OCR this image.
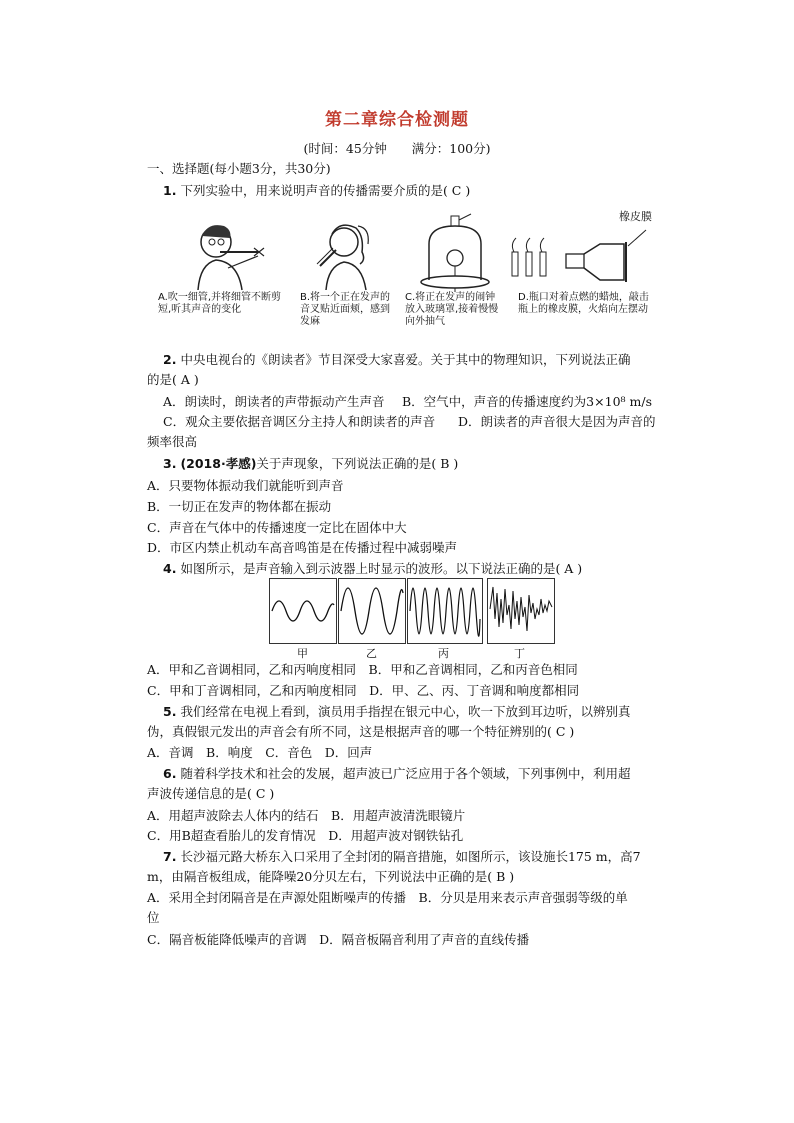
第二章综合检测题
(时间：45分钟　　满分：100分)
一、选择题(每小题3分，共30分)
1. 下列实验中，用来说明声音的传播需要介质的是( C )
A.吹一细管,并将细管不断剪短,听其声音的变化
B.将一个正在发声的音叉贴近面颊，感到发麻
C.将正在发声的闹钟放入玻璃罩,接着慢慢向外抽气
橡皮膜
D.瓶口对着点燃的蜡烛，敲击瓶上的橡皮膜，火焰向左摆动
2. 中央电视台的《朗读者》节目深受大家喜爱。关于其中的物理知识，下列说法正确
的是( A )
A．朗读时，朗读者的声带振动产生声音 B．空气中，声音的传播速度约为3×10⁸ m/s
C．观众主要依据音调区分主持人和朗读者的声音 D．朗读者的声音很大是因为声音的
频率很高
3. (2018·孝感)关于声现象，下列说法正确的是( B )
A．只要物体振动我们就能听到声音
B．一切正在发声的物体都在振动
C．声音在气体中的传播速度一定比在固体中大
D．市区内禁止机动车高音鸣笛是在传播过程中减弱噪声
4. 如图所示，是声音输入到示波器上时显示的波形。以下说法正确的是( A )
甲	乙	丙	丁
A．甲和乙音调相同，乙和丙响度相同　B．甲和乙音调相同，乙和丙音色相同
C．甲和丁音调相同，乙和丙响度相同　D．甲、乙、丙、丁音调和响度都相同
5. 我们经常在电视上看到，演员用手指捏在银元中心，吹一下放到耳边听，以辨别真
伪，真假银元发出的声音会有所不同，这是根据声音的哪一个特征辨别的( C )
A．音调　B．响度　C．音色　D．回声
6. 随着科学技术和社会的发展，超声波已广泛应用于各个领域，下列事例中，利用超
声波传递信息的是( C )
A．用超声波除去人体内的结石　B．用超声波清洗眼镜片
C．用B超查看胎儿的发育情况　D．用超声波对钢铁钻孔
7. 长沙福元路大桥东入口采用了全封闭的隔音措施，如图所示，该设施长175 m，高7
m，由隔音板组成，能降噪20分贝左右，下列说法中正确的是( B )
A．采用全封闭隔音是在声源处阻断噪声的传播　B．分贝是用来表示声音强弱等级的单
位
C．隔音板能降低噪声的音调　D．隔音板隔音利用了声音的直线传播
